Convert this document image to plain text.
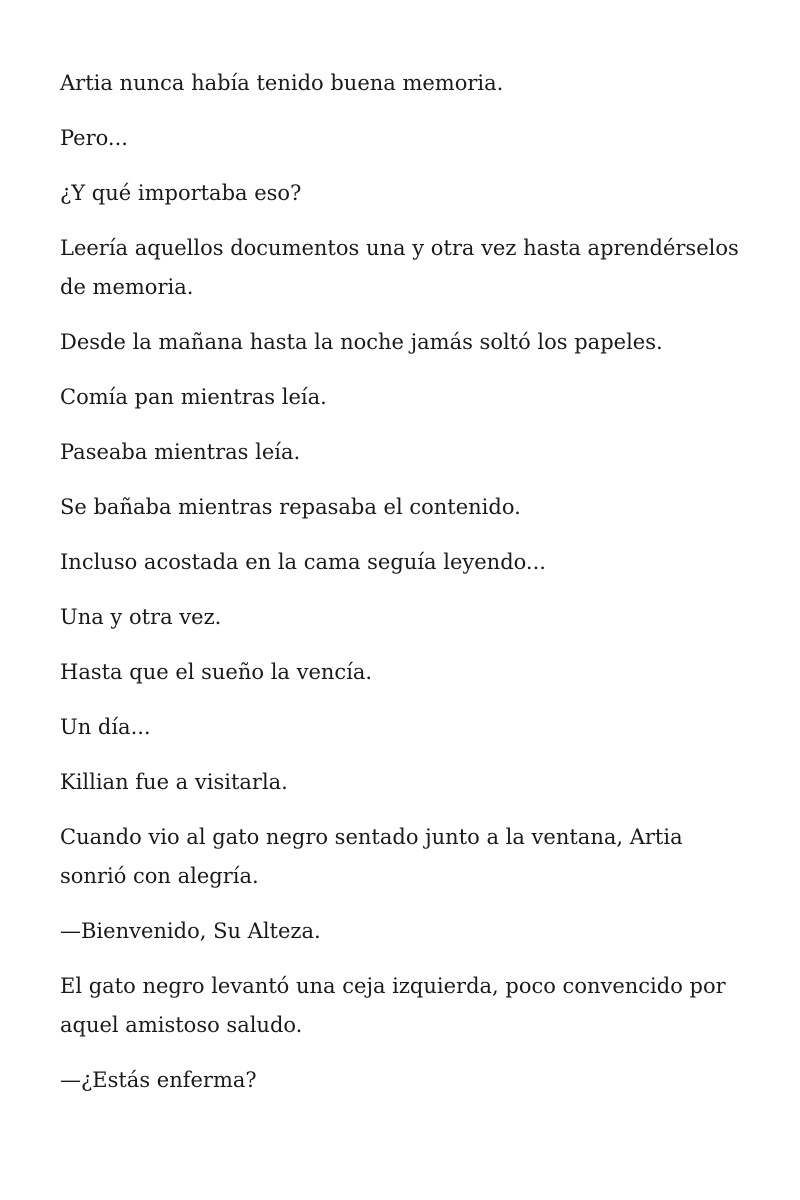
Artia nunca había tenido buena memoria.

Pero...

¿Y qué importaba eso?

Leería aquellos documentos una y otra vez hasta aprendérselos de memoria.

Desde la mañana hasta la noche jamás soltó los papeles.

Comía pan mientras leía.

Paseaba mientras leía.

Se bañaba mientras repasaba el contenido.

Incluso acostada en la cama seguía leyendo...

Una y otra vez.

Hasta que el sueño la vencía.

Un día...

Killian fue a visitarla.

Cuando vio al gato negro sentado junto a la ventana, Artia sonrió con alegría.

—Bienvenido, Su Alteza.

El gato negro levantó una ceja izquierda, poco convencido por aquel amistoso saludo.

—¿Estás enferma?
